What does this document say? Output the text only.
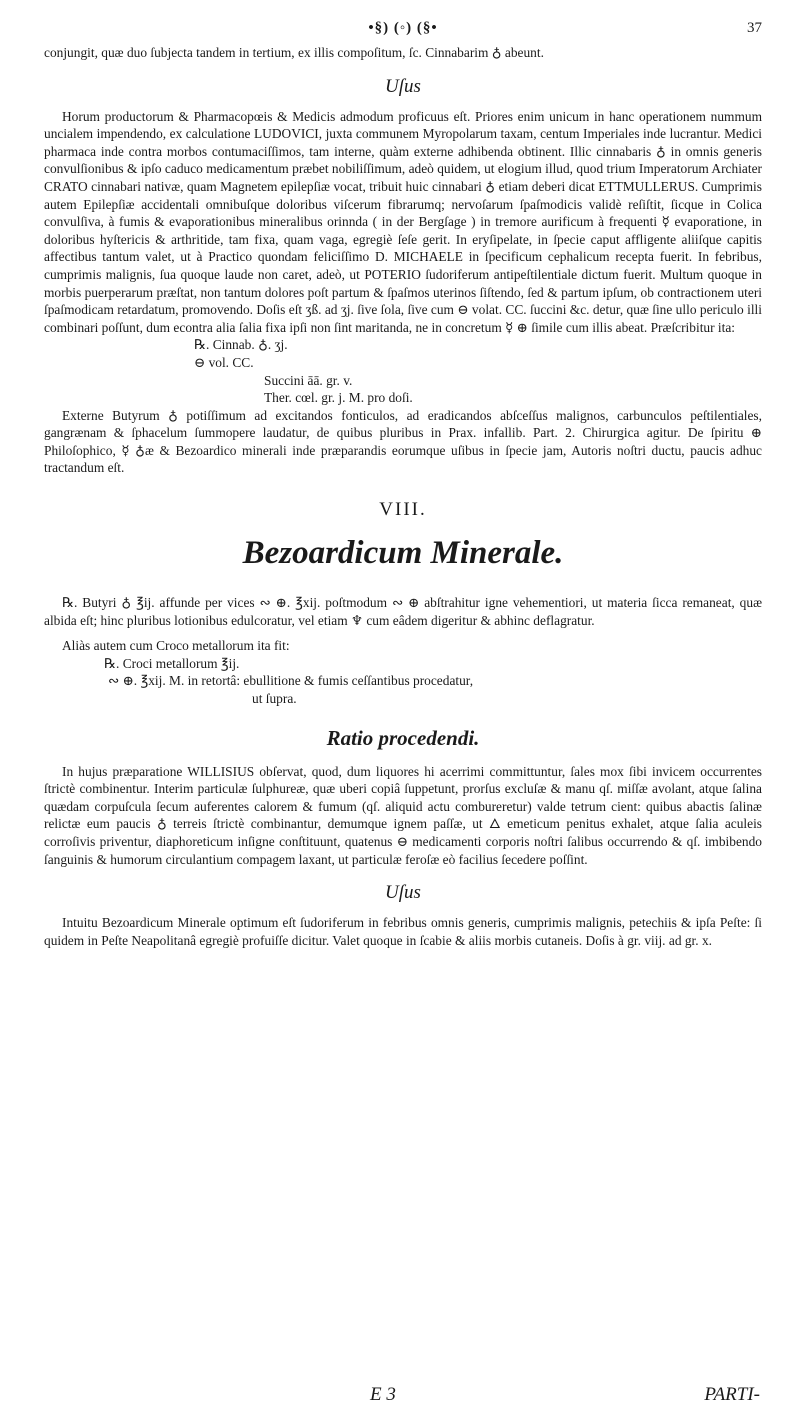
•§) (◦) (§•	37

conjungit, quæ duo ſubjecta tandem in tertium, ex illis compoſitum, ſc. Cinnabarim ♁ abeunt.

Uſus

Horum productorum & Pharmacopœis & Medicis admodum proficuus eſt. Priores enim unicum in hanc operationem nummum uncialem impendendo, ex calculatione LUDOVICI, juxta communem Myropolarum taxam, centum Imperiales inde lucrantur. Medici pharmaca inde contra morbos contumaciſſimos, tam interne, quàm externe adhibenda obtinent. Illic cinnabaris ♁ in omnis generis convulſionibus & ipſo caduco medicamentum præbet nobiliſſimum, adeò quidem, ut elogium illud, quod trium Imperatorum Archiater CRATO cinnabari nativæ, quam Magnetem epilepſiæ vocat, tribuit huic cinnabari ♁ etiam deberi dicat ETTMULLERUS. Cumprimis autem Epilepſiæ accidentali omnibuſque doloribus viſcerum fibrarumq; nervoſarum ſpaſmodicis validè reſiſtit, ſicque in Colica convulſiva, à fumis & evaporationibus mineralibus orinnda ( in der Bergſage ) in tremore aurificum à frequenti ☿ evaporatione, in doloribus hyſtericis & arthritide, tam fixa, quam vaga, egregiè ſeſe gerit. In eryſipelate, in ſpecie caput affligente aliiſque capitis affectibus tantum valet, ut à Practico quondam feliciſſimo D. MICHAELE in ſpecificum cephalicum recepta fuerit. In febribus, cumprimis malignis, ſua quoque laude non caret, adeò, ut POTERIO ſudoriferum antipeſtilentiale dictum fuerit. Multum quoque in morbis puerperarum præſtat, non tantum dolores poſt partum & ſpaſmos uterinos ſiſtendo, ſed & partum ipſum, ob contractionem uteri ſpaſmodicam retardatum, promovendo. Doſis eſt ʒß. ad ʒj. ſive ſola, ſive cum ⊖ volat. CC. ſuccini &c. detur, quæ ſine ullo periculo illi combinari poſſunt, dum econtra alia ſalia fixa ipſi non ſint maritanda, ne in concretum ☿ ⊕ ſimile cum illis abeat. Præſcribitur ita:

℞. Cinnab. ♁. ʒj.
⊖ vol. CC.
Succini āā. gr. v.
Ther. cœl. gr. j. M. pro doſi.

Externe Butyrum ♁ potiſſimum ad excitandos fonticulos, ad eradicandos abſceſſus malignos, carbunculos peſtilentiales, gangrænam & ſphacelum ſummopere laudatur, de quibus pluribus in Prax. infallib. Part. 2. Chirurgica agitur. De ſpiritu ⊕ Philoſophico, ☿ ♁æ & Bezoardico minerali inde præparandis eorumque uſibus in ſpecie jam, Autoris noſtri ductu, paucis adhuc tractandum eſt.

VIII.
Bezoardicum Minerale.

℞. Butyri ♁ ℥ij. affunde per vices ∾ ⊕. ℥xij. poſtmodum ∾ ⊕ abſtrahitur igne vehementiori, ut materia ſicca remaneat, quæ albida eſt; hinc pluribus lotionibus edulcoratur, vel etiam ♆ cum eâdem digeritur & abhinc deflagratur.

Aliàs autem cum Croco metallorum ita fit:

℞. Croci metallorum ℥ij.
∾ ⊕. ℥xij. M. in retortâ: ebullitione & fumis ceſſantibus procedatur,
ut ſupra.
Ratio procedendi.

In hujus præparatione WILLISIUS obſervat, quod, dum liquores hi acerrimi committuntur, ſales mox ſibi invicem occurrentes ſtrictè combinentur. Interim particulæ ſulphureæ, quæ uberi copiâ ſuppetunt, prorſus excluſæ & manu qſ. miſſæ avolant, atque ſalina quædam corpuſcula ſecum auferentes calorem & fumum (qſ. aliquid actu combureretur) valde tetrum cient: quibus abactis ſalinæ relictæ eum paucis ♁ terreis ſtrictè combinantur, demumque ignem paſſæ, ut 🜂 emeticum penitus exhalet, atque ſalia aculeis corroſivis priventur, diaphoreticum inſigne conſtituunt, quatenus ⊖ medicamenti corporis noſtri ſalibus occurrendo & qſ. imbibendo ſanguinis & humorum circulantium compagem laxant, ut particulæ feroſæ eò facilius ſecedere poſſint.

Uſus

Intuitu Bezoardicum Minerale optimum eſt ſudoriferum in febribus omnis generis, cumprimis malignis, petechiis & ipſa Peſte: ſi quidem in Peſte Neapolitanâ egregiè profuiſſe dicitur. Valet quoque in ſcabie & aliis morbis cutaneis. Doſis à gr. viij. ad gr. x.

E 3	PARTI-
